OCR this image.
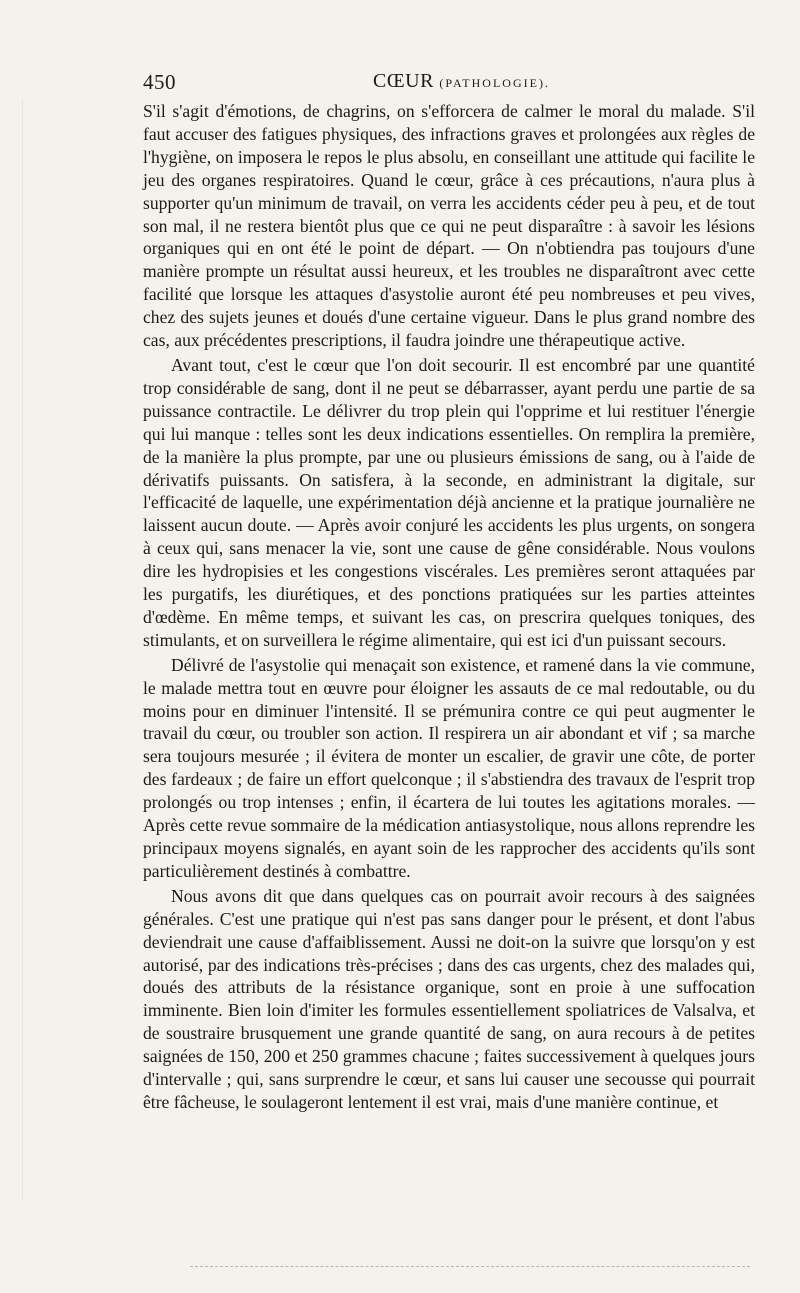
450	CŒUR (PATHOLOGIE).

S'il s'agit d'émotions, de chagrins, on s'efforcera de calmer le moral du malade. S'il faut accuser des fatigues physiques, des infractions graves et prolongées aux règles de l'hygiène, on imposera le repos le plus absolu, en conseillant une attitude qui facilite le jeu des organes respiratoires. Quand le cœur, grâce à ces précautions, n'aura plus à supporter qu'un minimum de travail, on verra les accidents céder peu à peu, et de tout son mal, il ne restera bientôt plus que ce qui ne peut disparaître : à savoir les lésions organiques qui en ont été le point de départ. — On n'obtiendra pas toujours d'une manière prompte un résultat aussi heureux, et les troubles ne disparaîtront avec cette facilité que lorsque les attaques d'asystolie auront été peu nombreuses et peu vives, chez des sujets jeunes et doués d'une certaine vigueur. Dans le plus grand nombre des cas, aux précédentes prescriptions, il faudra joindre une thérapeutique active.

Avant tout, c'est le cœur que l'on doit secourir. Il est encombré par une quantité trop considérable de sang, dont il ne peut se débarrasser, ayant perdu une partie de sa puissance contractile. Le délivrer du trop plein qui l'opprime et lui restituer l'énergie qui lui manque : telles sont les deux indications essentielles. On remplira la première, de la manière la plus prompte, par une ou plusieurs émissions de sang, ou à l'aide de dérivatifs puissants. On satisfera, à la seconde, en administrant la digitale, sur l'efficacité de laquelle, une expérimentation déjà ancienne et la pratique journalière ne laissent aucun doute. — Après avoir conjuré les accidents les plus urgents, on songera à ceux qui, sans menacer la vie, sont une cause de gêne considérable. Nous voulons dire les hydropisies et les congestions viscérales. Les premières seront attaquées par les purgatifs, les diurétiques, et des ponctions pratiquées sur les parties atteintes d'œdème. En même temps, et suivant les cas, on prescrira quelques toniques, des stimulants, et on surveillera le régime alimentaire, qui est ici d'un puissant secours.

Délivré de l'asystolie qui menaçait son existence, et ramené dans la vie commune, le malade mettra tout en œuvre pour éloigner les assauts de ce mal redoutable, ou du moins pour en diminuer l'intensité. Il se prémunira contre ce qui peut augmenter le travail du cœur, ou troubler son action. Il respirera un air abondant et vif ; sa marche sera toujours mesurée ; il évitera de monter un escalier, de gravir une côte, de porter des fardeaux ; de faire un effort quelconque ; il s'abstiendra des travaux de l'esprit trop prolongés ou trop intenses ; enfin, il écartera de lui toutes les agitations morales. — Après cette revue sommaire de la médication antiasystolique, nous allons reprendre les principaux moyens signalés, en ayant soin de les rapprocher des accidents qu'ils sont particulièrement destinés à combattre.

Nous avons dit que dans quelques cas on pourrait avoir recours à des saignées générales. C'est une pratique qui n'est pas sans danger pour le présent, et dont l'abus deviendrait une cause d'affaiblissement. Aussi ne doit-on la suivre que lorsqu'on y est autorisé, par des indications très-précises ; dans des cas urgents, chez des malades qui, doués des attributs de la résistance organique, sont en proie à une suffocation imminente. Bien loin d'imiter les formules essentiellement spoliatrices de Valsalva, et de soustraire brusquement une grande quantité de sang, on aura recours à de petites saignées de 150, 200 et 250 grammes chacune ; faites successivement à quelques jours d'intervalle ; qui, sans surprendre le cœur, et sans lui causer une secousse qui pourrait être fâcheuse, le soulageront lentement il est vrai, mais d'une manière continue, et
